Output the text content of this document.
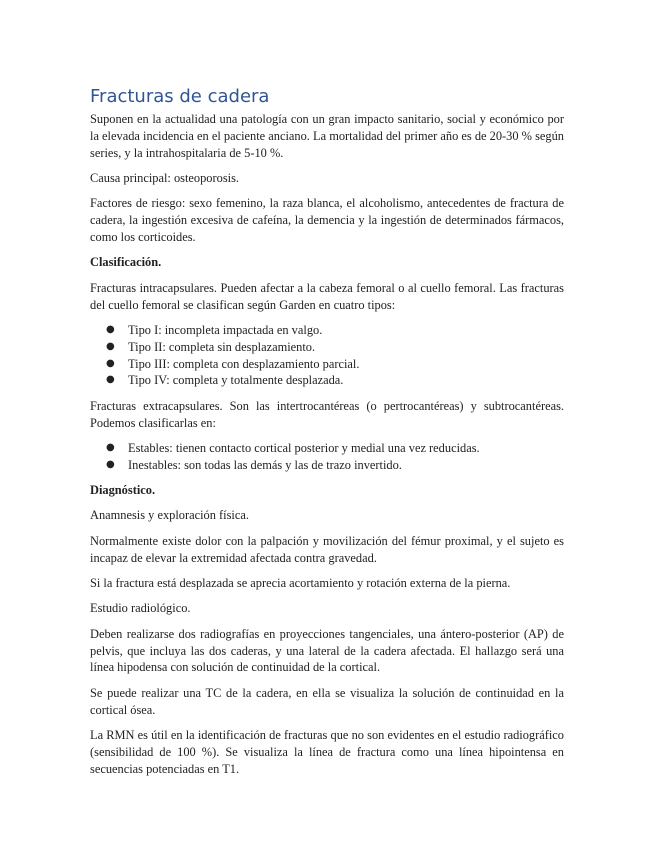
Fracturas de cadera

Suponen en la actualidad una patología con un gran impacto sanitario, social y económico por la elevada incidencia en el paciente anciano. La mortalidad del primer año es de 20-30 % según series, y la intrahospitalaria de 5-10 %.

Causa principal: osteoporosis.

Factores de riesgo: sexo femenino, la raza blanca, el alcoholismo, antecedentes de fractura de cadera, la ingestión excesiva de cafeína, la demencia y la ingestión de determinados fármacos, como los corticoides.

Clasificación.

Fracturas intracapsulares. Pueden afectar a la cabeza femoral o al cuello femoral. Las fracturas del cuello femoral se clasifican según Garden en cuatro tipos:

● Tipo I: incompleta impactada en valgo.
● Tipo II: completa sin desplazamiento.
● Tipo III: completa con desplazamiento parcial.
● Tipo IV: completa y totalmente desplazada.

Fracturas extracapsulares. Son las intertrocantéreas (o pertrocantéreas) y subtrocantéreas. Podemos clasificarlas en:

● Estables: tienen contacto cortical posterior y medial una vez reducidas.
● Inestables: son todas las demás y las de trazo invertido.

Diagnóstico.

Anamnesis y exploración física.

Normalmente existe dolor con la palpación y movilización del fémur proximal, y el sujeto es incapaz de elevar la extremidad afectada contra gravedad.

Si la fractura está desplazada se aprecia acortamiento y rotación externa de la pierna.

Estudio radiológico.

Deben realizarse dos radiografías en proyecciones tangenciales, una ántero-posterior (AP) de pelvis, que incluya las dos caderas, y una lateral de la cadera afectada. El hallazgo será una línea hipodensa con solución de continuidad de la cortical.

Se puede realizar una TC de la cadera, en ella se visualiza la solución de continuidad en la cortical ósea.

La RMN es útil en la identificación de fracturas que no son evidentes en el estudio radiográfico (sensibilidad de 100 %). Se visualiza la línea de fractura como una línea hipointensa en secuencias potenciadas en T1.
